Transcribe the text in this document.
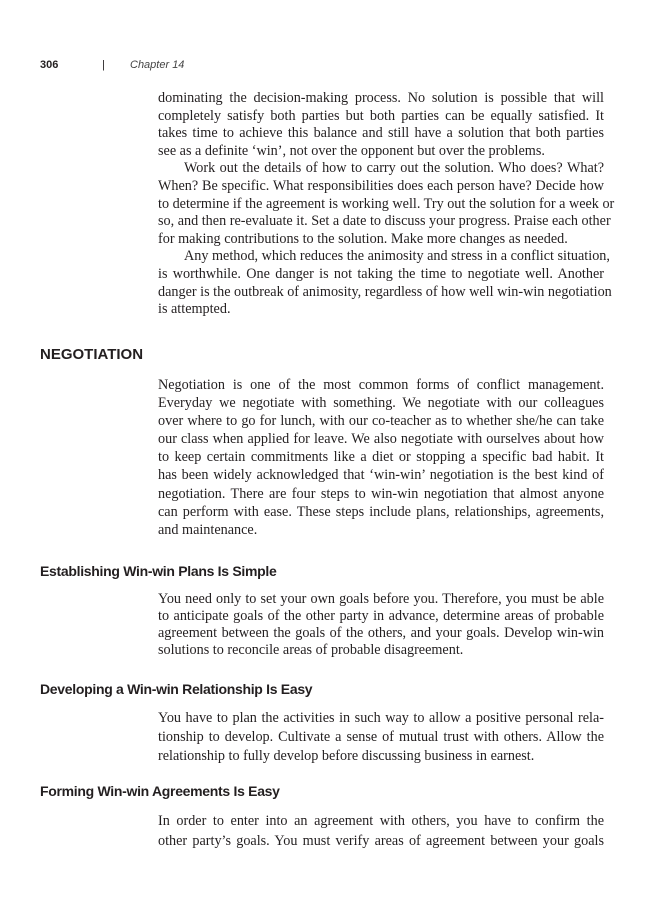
306	| Chapter 14
dominating the decision-making process. No solution is possible that will
completely satisfy both parties but both parties can be equally satisfied. It
takes time to achieve this balance and still have a solution that both parties
see as a definite ‘win’, not over the opponent but over the problems.
Work out the details of how to carry out the solution. Who does? What?
When? Be specific. What responsibilities does each person have? Decide how
to determine if the agreement is working well. Try out the solution for a week or
so, and then re-evaluate it. Set a date to discuss your progress. Praise each other
for making contributions to the solution. Make more changes as needed.
Any method, which reduces the animosity and stress in a conflict situation,
is worthwhile. One danger is not taking the time to negotiate well. Another
danger is the outbreak of animosity, regardless of how well win-win negotiation
is attempted.
NEGOTIATION
Negotiation is one of the most common forms of conflict management.
Everyday we negotiate with something. We negotiate with our colleagues
over where to go for lunch, with our co-teacher as to whether she/he can take
our class when applied for leave. We also negotiate with ourselves about how
to keep certain commitments like a diet or stopping a specific bad habit. It
has been widely acknowledged that ‘win-win’ negotiation is the best kind of
negotiation. There are four steps to win-win negotiation that almost anyone
can perform with ease. These steps include plans, relationships, agreements,
and maintenance.
Establishing Win-win Plans Is Simple
You need only to set your own goals before you. Therefore, you must be able
to anticipate goals of the other party in advance, determine areas of probable
agreement between the goals of the others, and your goals. Develop win-win
solutions to reconcile areas of probable disagreement.
Developing a Win-win Relationship Is Easy
You have to plan the activities in such way to allow a positive personal rela-
tionship to develop. Cultivate a sense of mutual trust with others. Allow the
relationship to fully develop before discussing business in earnest.
Forming Win-win Agreements Is Easy
In order to enter into an agreement with others, you have to confirm the
other party’s goals. You must verify areas of agreement between your goals
